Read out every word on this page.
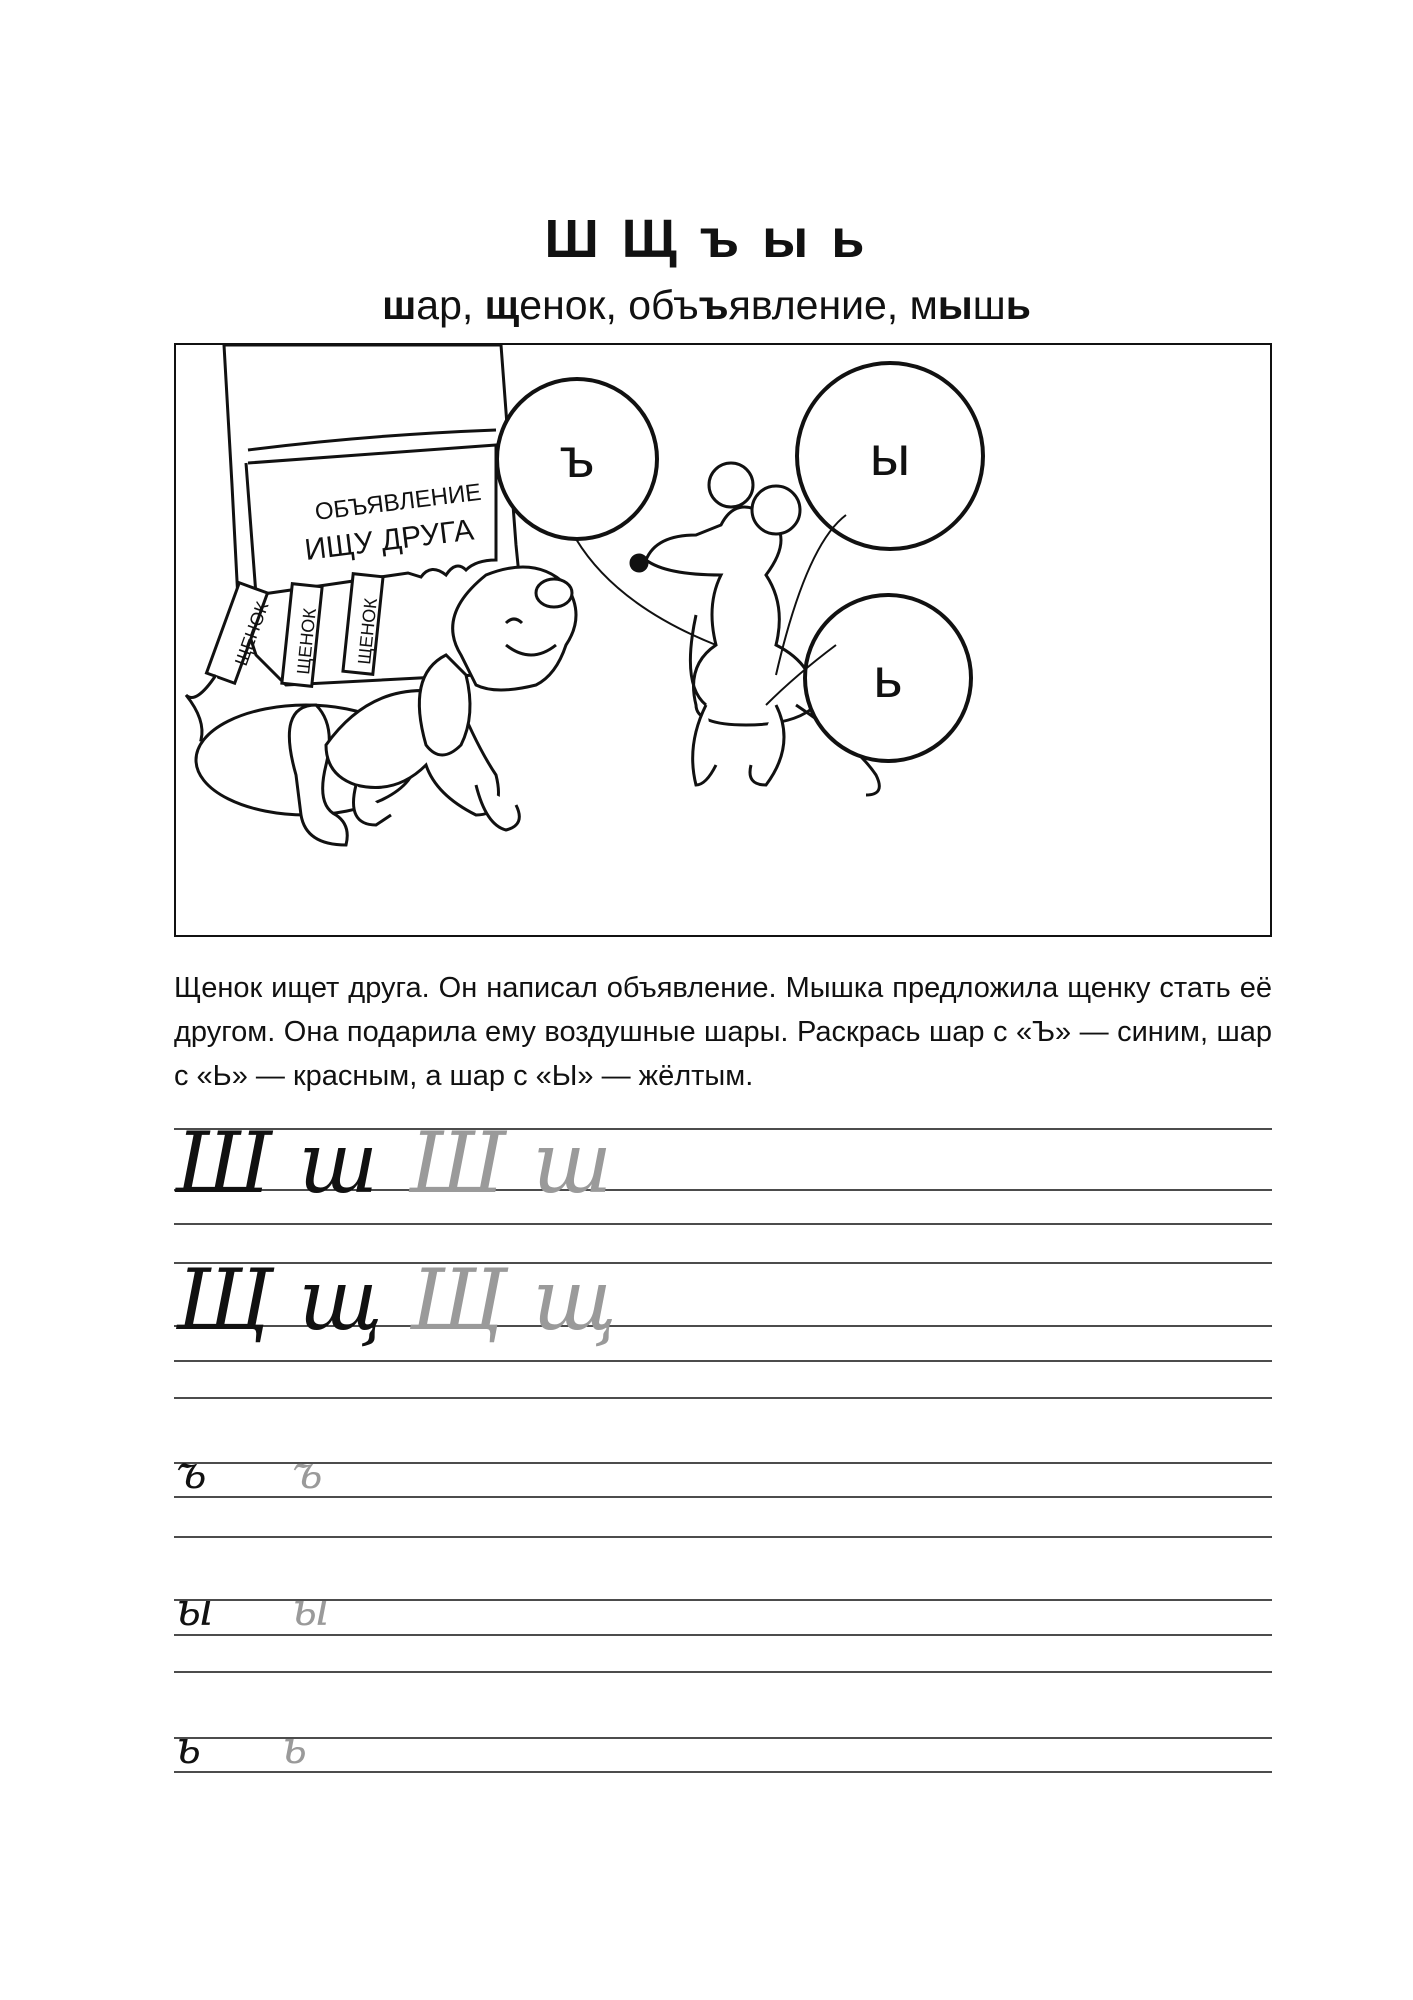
Ш Щ ъ ы ь
шар, щенок, объъявление, мышь
ОБЪЯВЛЕНИЕ
ИЩУ ДРУГА
ЩЕНОК ЩЕНОК ЩЕНОК
ъ	ы
ь
Щенок ищет друга. Он написал объявление. Мышка предложила щенку стать её другом. Она подарила ему воздушные шары. Раскрась шар с «Ъ» — синим, шар с «Ь» — красным, а шар с «Ы» — жёлтым.
Ш ш Ш ш
Щ щ Щ щ
ъ ъ
ы ы
ь ь
